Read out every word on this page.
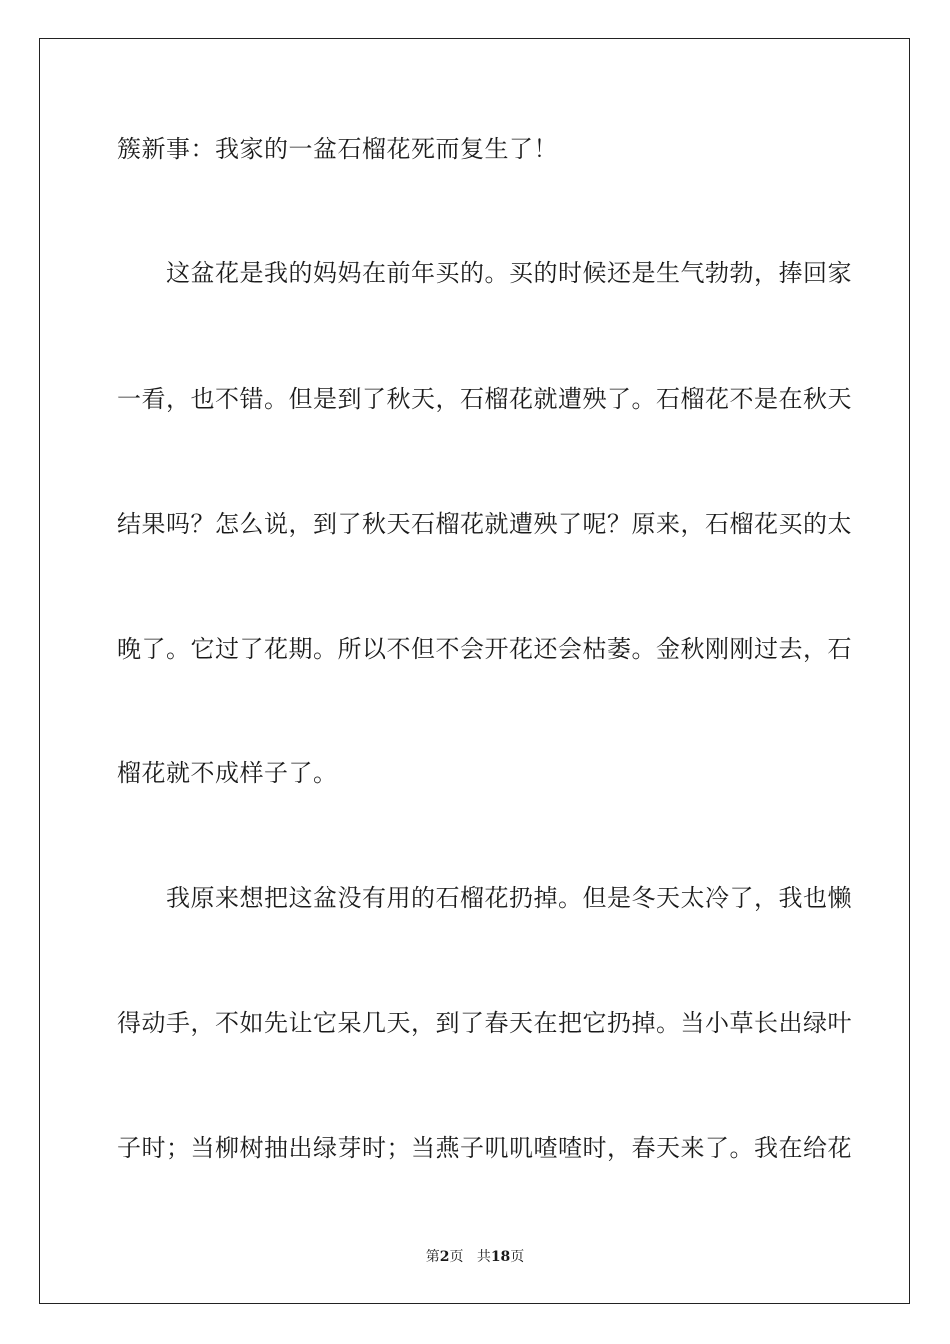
簇新事：我家的一盆石榴花死而复生了！
　　这盆花是我的妈妈在前年买的。买的时候还是生气勃勃，捧回家
一看，也不错。但是到了秋天，石榴花就遭殃了。石榴花不是在秋天
结果吗？怎么说，到了秋天石榴花就遭殃了呢？原来，石榴花买的太
晚了。它过了花期。所以不但不会开花还会枯萎。金秋刚刚过去，石
榴花就不成样子了。
　　我原来想把这盆没有用的石榴花扔掉。但是冬天太冷了，我也懒
得动手，不如先让它呆几天，到了春天在把它扔掉。当小草长出绿叶
子时；当柳树抽出绿芽时；当燕子叽叽喳喳时，春天来了。我在给花
第2页 共18页
